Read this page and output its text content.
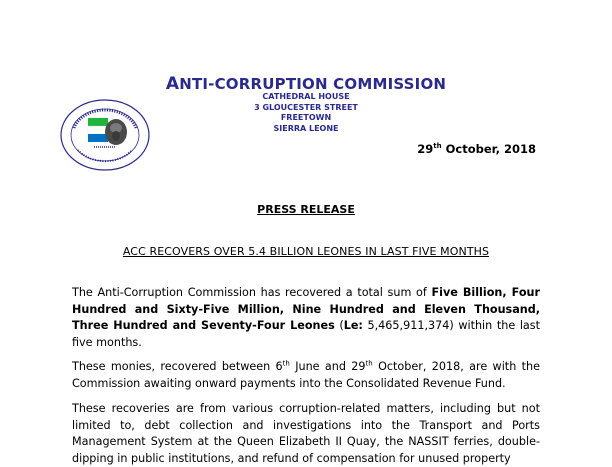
ANTI-CORRUPTION COMMISSION
CATHEDRAL HOUSE
3 GLOUCESTER STREET
FREETOWN
SIERRA LEONE
29th October, 2018
PRESS RELEASE
ACC RECOVERS OVER 5.4 BILLION LEONES IN LAST FIVE MONTHS
The Anti-Corruption Commission has recovered a total sum of Five Billion, Four Hundred and Sixty-Five Million, Nine Hundred and Eleven Thousand, Three Hundred and Seventy-Four Leones (Le: 5,465,911,374) within the last five months.
These monies, recovered between 6th June and 29th October, 2018, are with the Commission awaiting onward payments into the Consolidated Revenue Fund.
These recoveries are from various corruption-related matters, including but not limited to, debt collection and investigations into the Transport and Ports Management System at the Queen Elizabeth II Quay, the NASSIT ferries, double-dipping in public institutions, and refund of compensation for unused property
